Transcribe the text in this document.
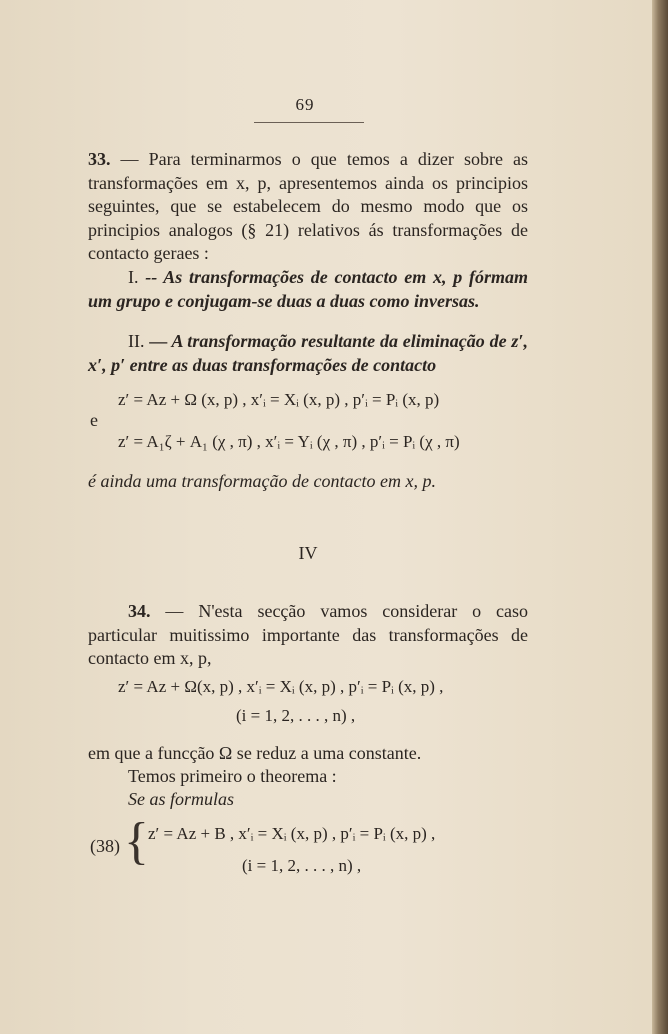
69
33. — Para terminarmos o que temos a dizer sobre as transformações em x, p, apresentemos ainda os principios seguintes, que se estabelecem do mesmo modo que os principios analogos (§ 21) relativos ás transformações de contacto geraes :
I. -- As transformações de contacto em x, p fórmam um grupo e conjugam-se duas a duas como inversas.
II. — A transformação resultante da eliminação de z′, x′, p′ entre as duas transformações de contacto
z′ = Az + Ω (x, p) , x′ᵢ = Xᵢ (x, p) , p′ᵢ = Pᵢ (x, p)
e
z′ = A₁ζ + A₁ (χ , π) , x′ᵢ = Yᵢ (χ , π) , p′ᵢ = Pᵢ (χ , π)
é ainda uma transformação de contacto em x, p.
IV
34. — N'esta secção vamos considerar o caso particular muitissimo importante das transformações de contacto em x, p,
z′ = Az + Ω(x, p) , x′ᵢ = Xᵢ (x, p) , p′ᵢ = Pᵢ (x, p) ,
(i = 1, 2, . . . , n) ,
em que a funcção Ω se reduz a uma constante.
Temos primeiro o theorema :
Se as formulas
(38) { z′ = Az + B , x′ᵢ = Xᵢ (x, p) , p′ᵢ = Pᵢ (x, p) ,
(i = 1, 2, . . . , n) ,
